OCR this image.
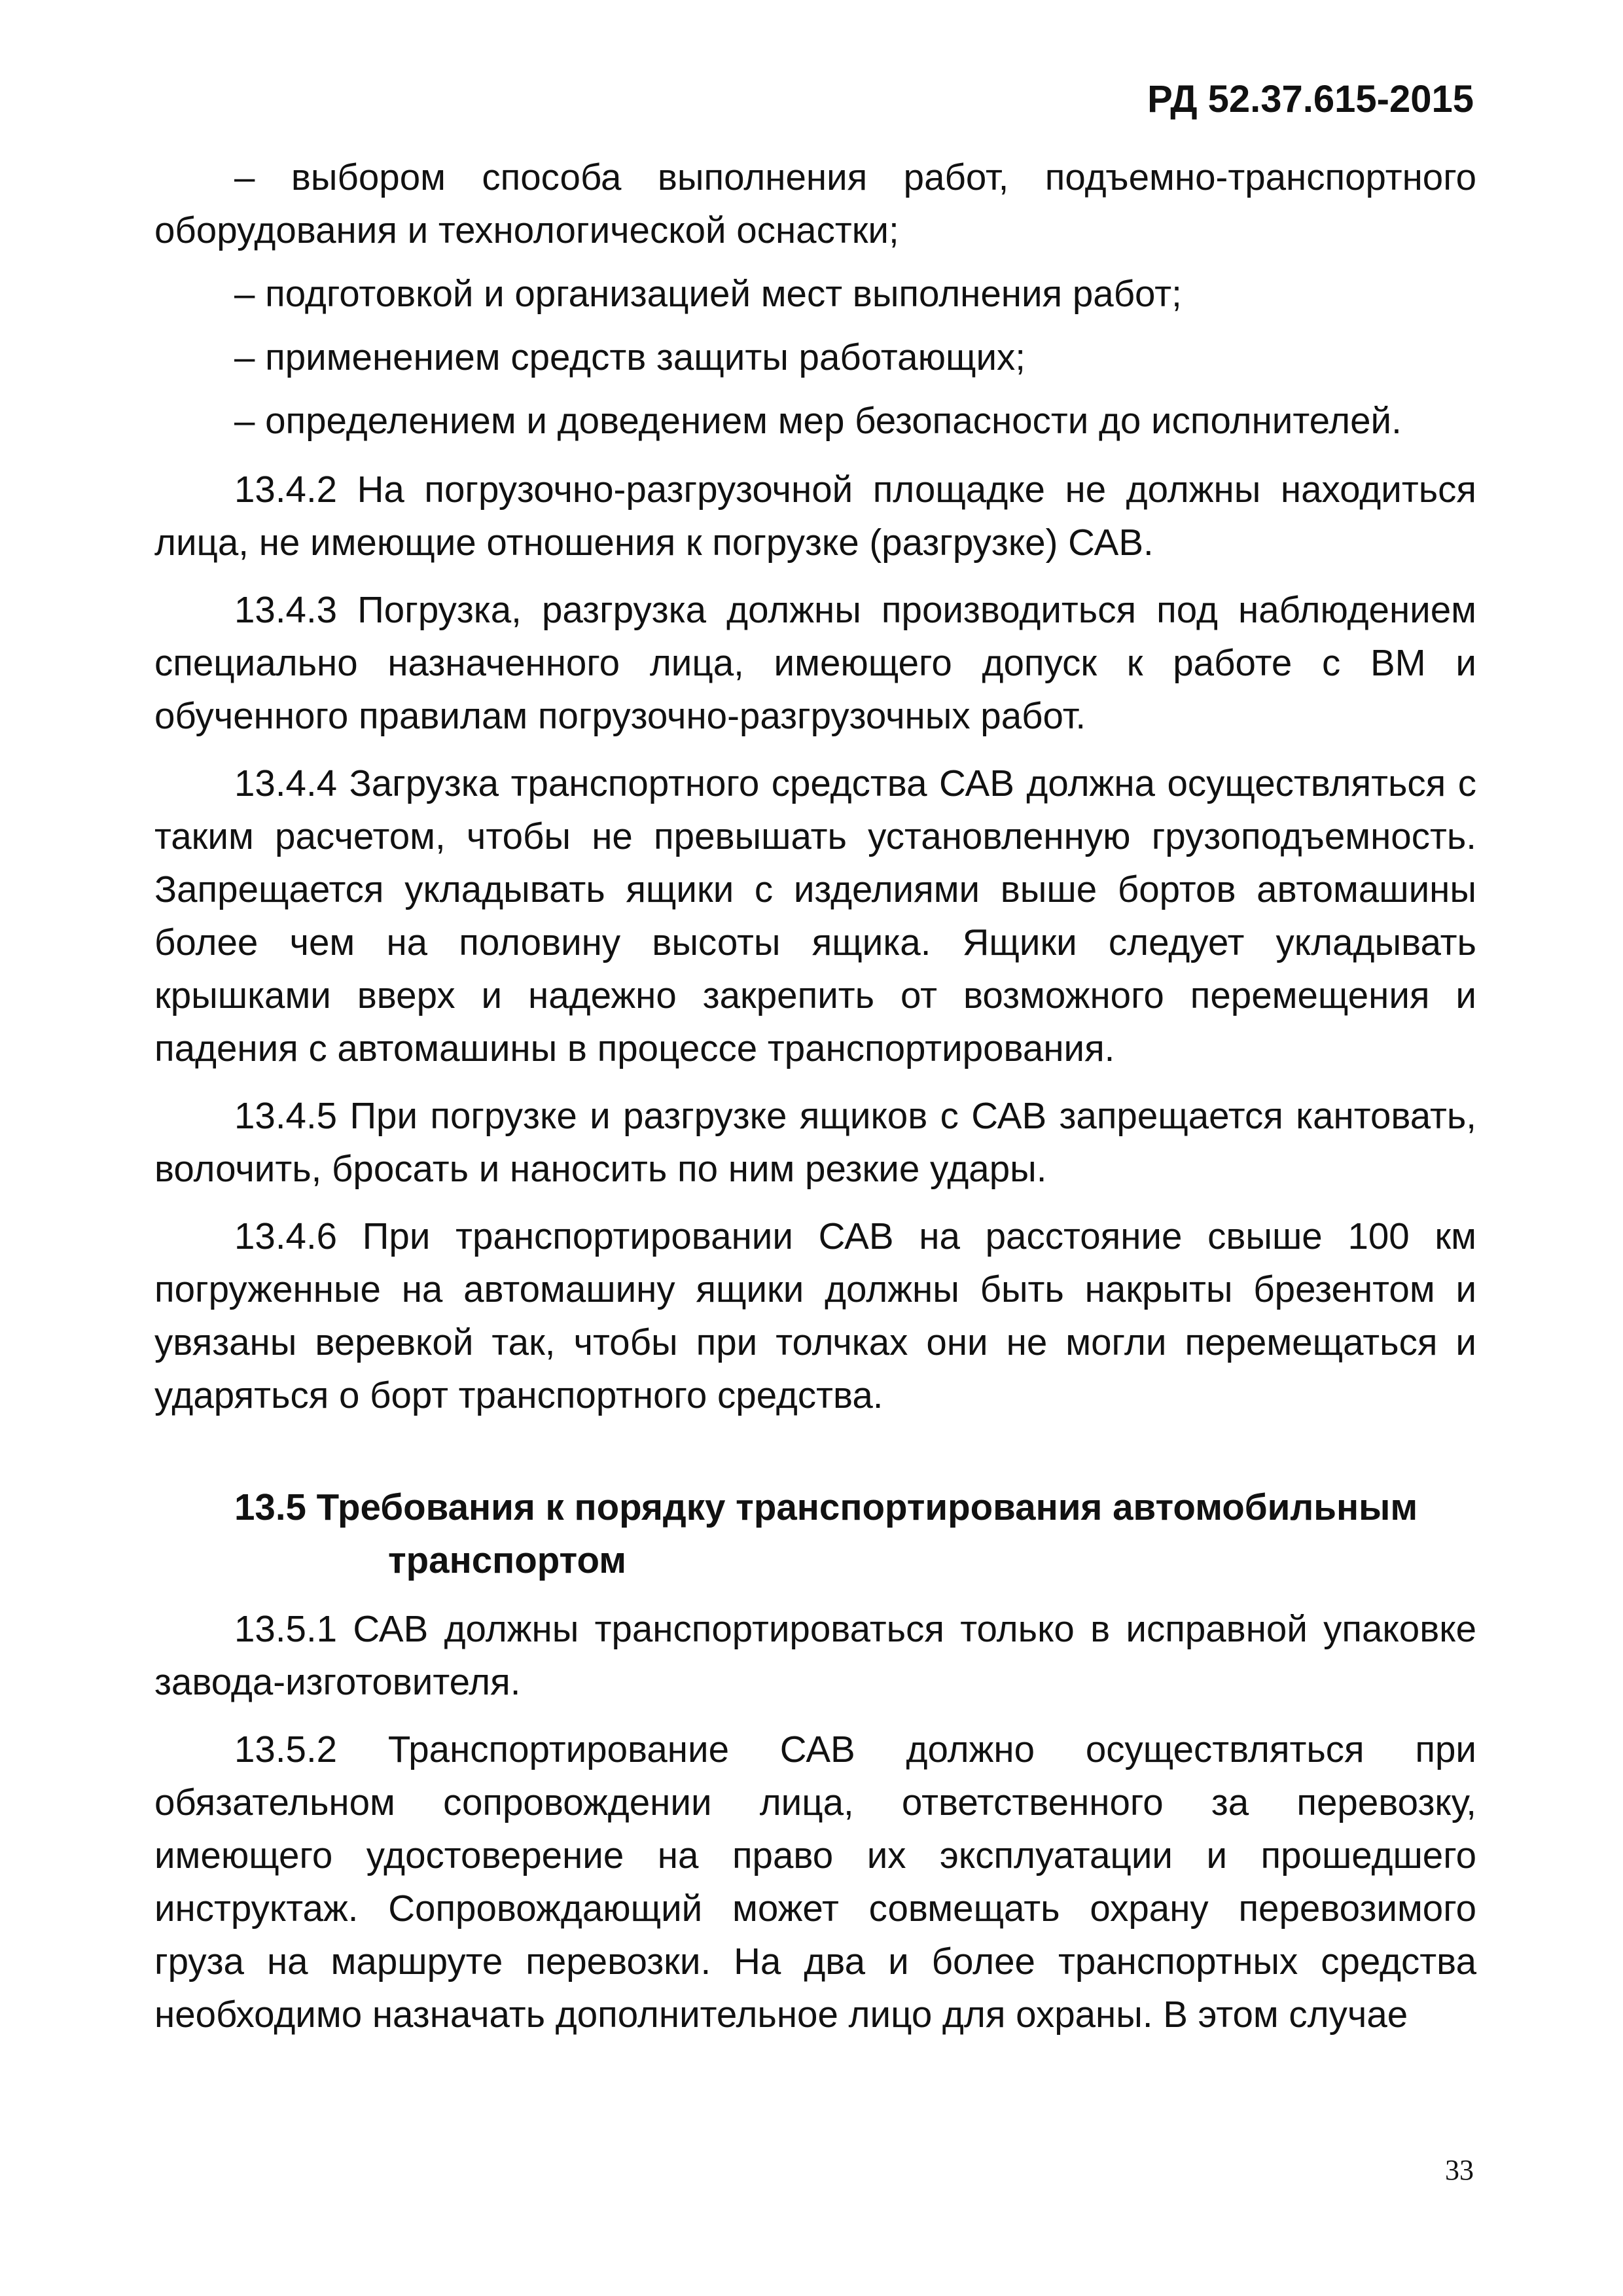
РД 52.37.615-2015

– выбором способа выполнения работ, подъемно-транспортного оборудования и технологической оснастки;

– подготовкой и организацией мест выполнения работ;

– применением средств защиты работающих;

– определением и доведением мер безопасности до исполнителей.

13.4.2 На погрузочно-разгрузочной площадке не должны находиться лица, не имеющие отношения к погрузке (разгрузке) САВ.

13.4.3 Погрузка, разгрузка должны производиться под наблюдением специально назначенного лица, имеющего допуск к работе с ВМ и обученного правилам погрузочно-разгрузочных работ.

13.4.4 Загрузка транспортного средства САВ должна осуществляться с таким расчетом, чтобы не превышать установленную грузоподъемность. Запрещается укладывать ящики с изделиями выше бортов автомашины более чем на половину высоты ящика. Ящики следует укладывать крышками вверх и надежно закрепить от возможного перемещения и падения с автомашины в процессе транспортирования.

13.4.5 При погрузке и разгрузке ящиков с САВ запрещается кантовать, волочить, бросать и наносить по ним резкие удары.

13.4.6 При транспортировании САВ на расстояние свыше 100 км погруженные на автомашину ящики должны быть накрыты брезентом и увязаны веревкой так, чтобы при толчках они не могли перемещаться и ударяться о борт транспортного средства.

13.5 Требования к порядку транспортирования автомобильным транспортом

13.5.1 САВ должны транспортироваться только в исправной упаковке завода-изготовителя.

13.5.2 Транспортирование САВ должно осуществляться при обязательном сопровождении лица, ответственного за перевозку, имеющего удостоверение на право их эксплуатации и прошедшего инструктаж. Сопровождающий может совмещать охрану перевозимого груза на маршруте перевозки. На два и более транспортных средства необходимо назначать дополнительное лицо для охраны. В этом случае

33
